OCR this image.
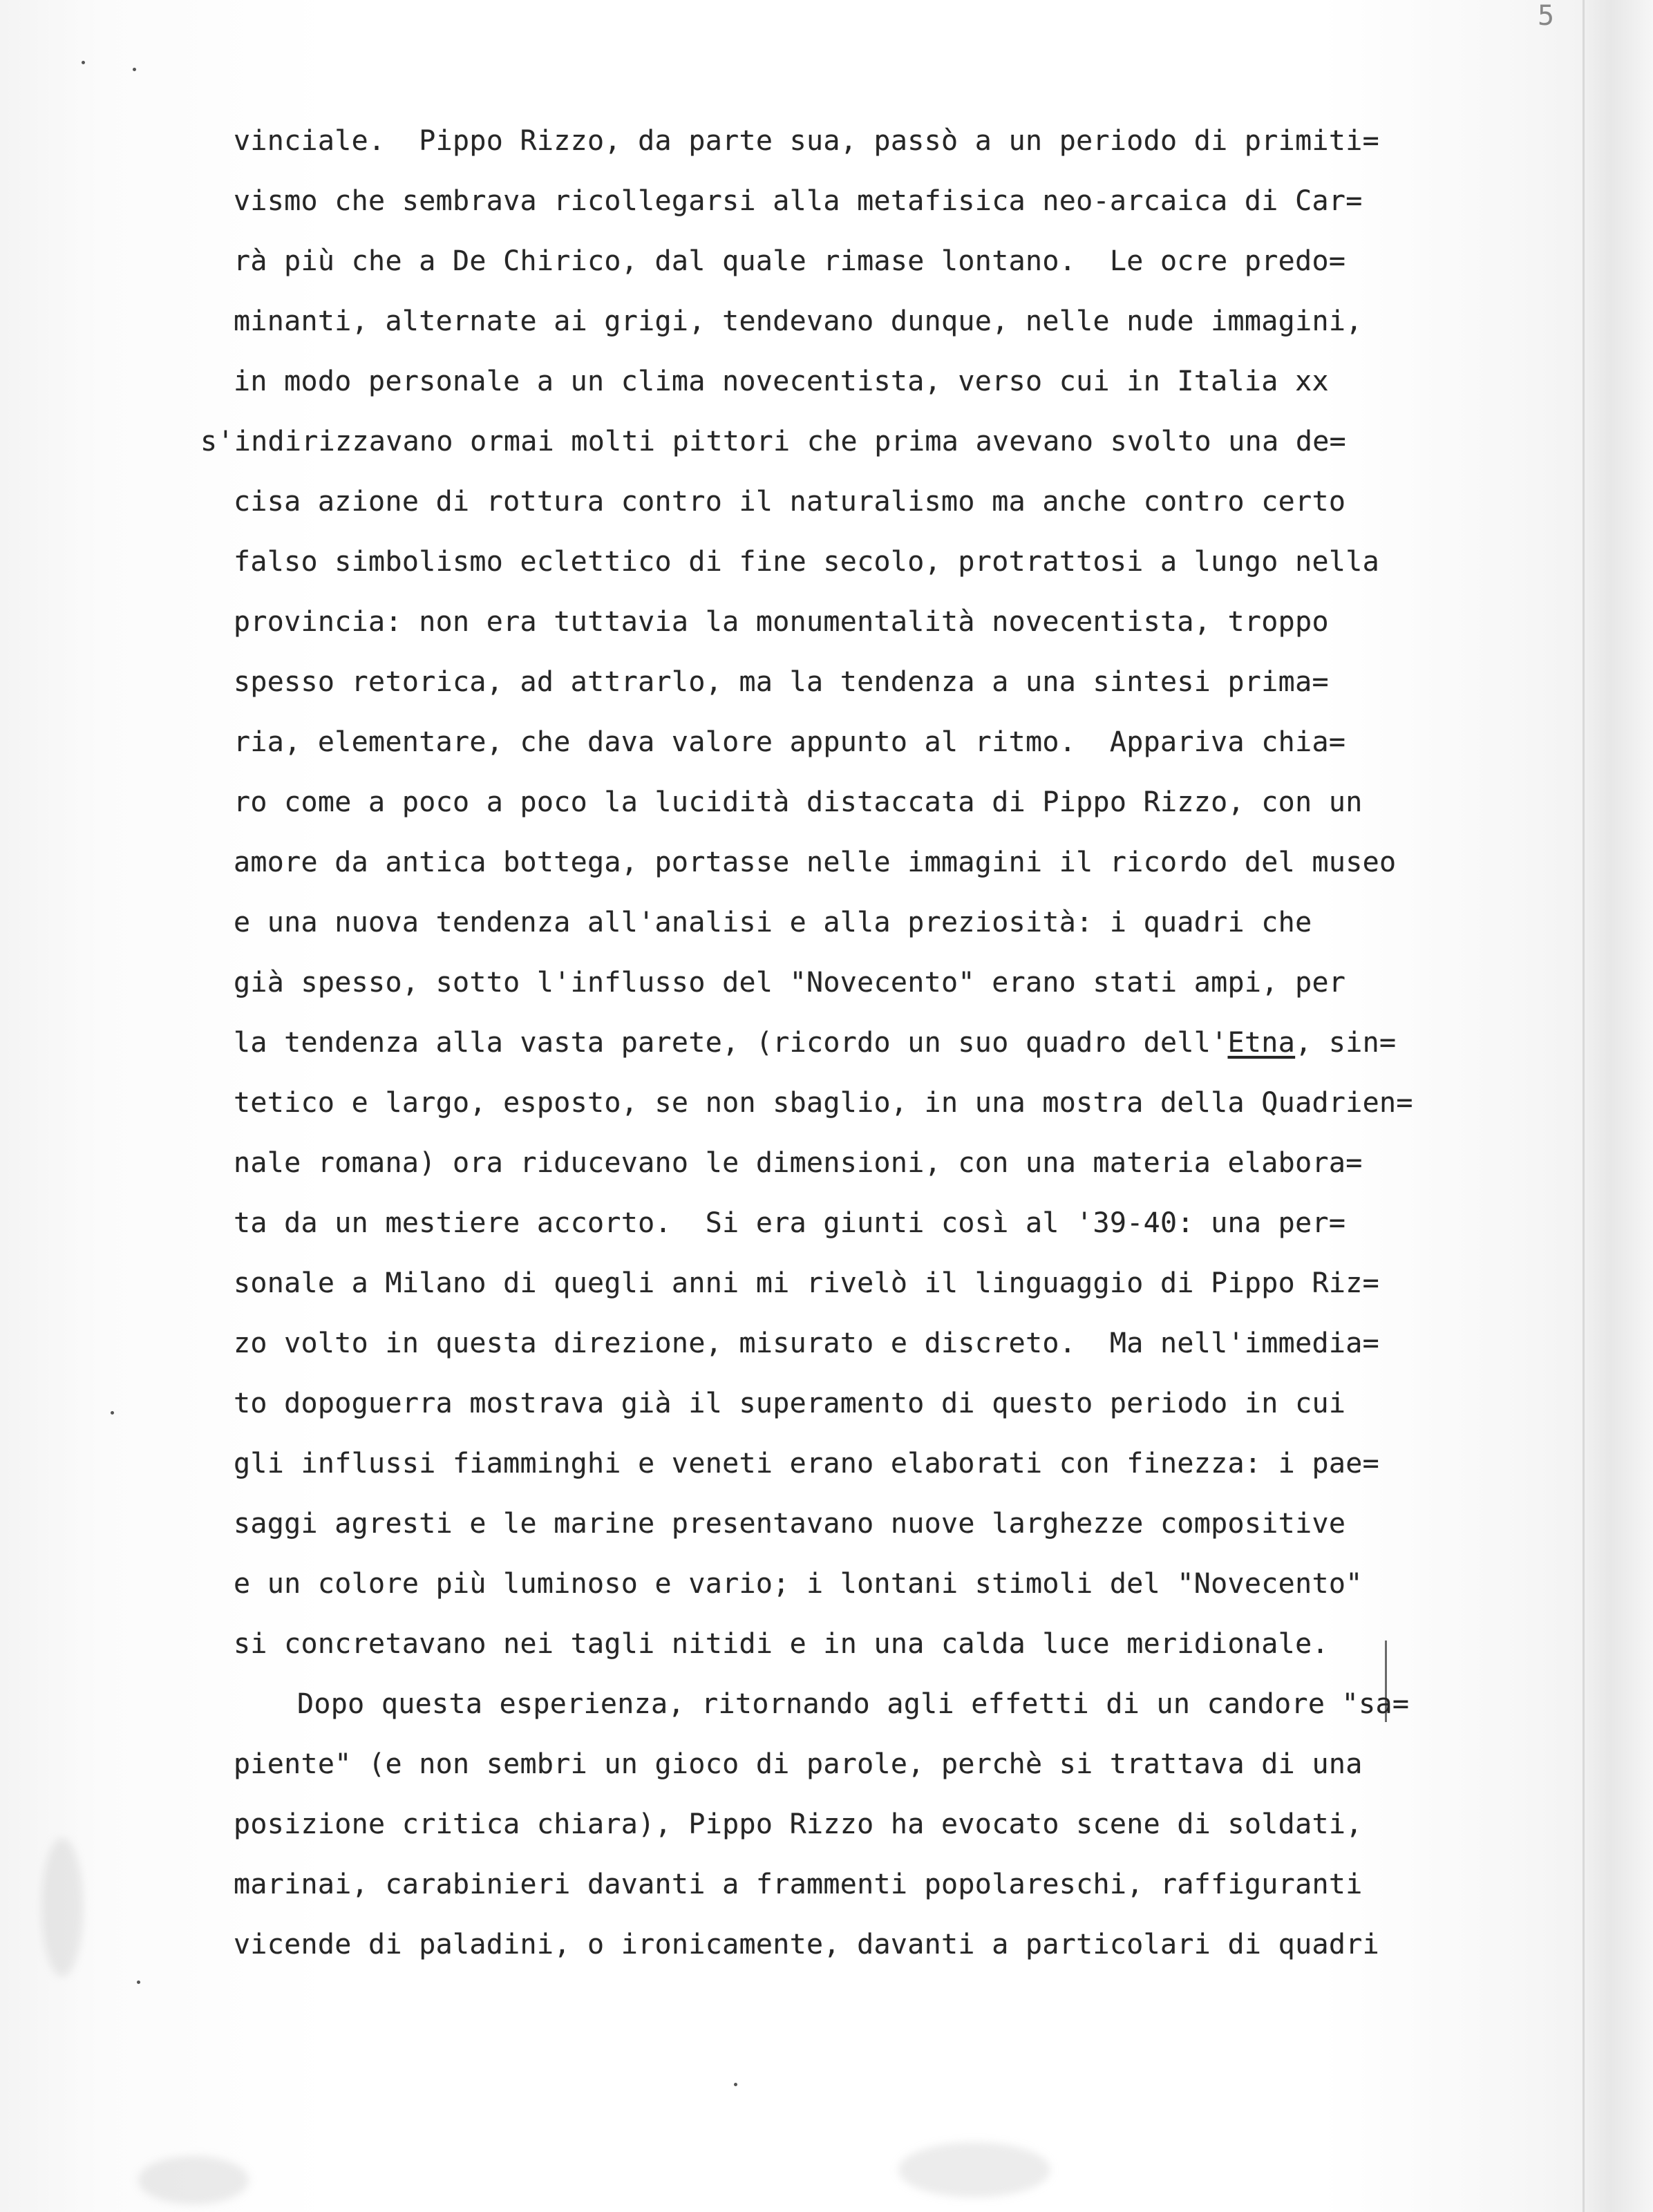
5
vinciale.  Pippo Rizzo, da parte sua, passò a un periodo di primiti=
vismo che sembrava ricollegarsi alla metafisica neo-arcaica di Car=
rà più che a De Chirico, dal quale rimase lontano.  Le ocre predo=
minanti, alternate ai grigi, tendevano dunque, nelle nude immagini,
in modo personale a un clima novecentista, verso cui in Italia xx
s'indirizzavano ormai molti pittori che prima avevano svolto una de=
cisa azione di rottura contro il naturalismo ma anche contro certo
falso simbolismo eclettico di fine secolo, protrattosi a lungo nella
provincia: non era tuttavia la monumentalità novecentista, troppo
spesso retorica, ad attrarlo, ma la tendenza a una sintesi prima=
ria, elementare, che dava valore appunto al ritmo.  Appariva chia=
ro come a poco a poco la lucidità distaccata di Pippo Rizzo, con un
amore da antica bottega, portasse nelle immagini il ricordo del museo
e una nuova tendenza all'analisi e alla preziosità: i quadri che
già spesso, sotto l'influsso del "Novecento" erano stati ampi, per
la tendenza alla vasta parete, (ricordo un suo quadro dell'Etna, sin=
tetico e largo, esposto, se non sbaglio, in una mostra della Quadrien=
nale romana) ora riducevano le dimensioni, con una materia elabora=
ta da un mestiere accorto.  Si era giunti così al '39-40: una per=
sonale a Milano di quegli anni mi rivelò il linguaggio di Pippo Riz=
zo volto in questa direzione, misurato e discreto.  Ma nell'immedia=
to dopoguerra mostrava già il superamento di questo periodo in cui
gli influssi fiamminghi e veneti erano elaborati con finezza: i pae=
saggi agresti e le marine presentavano nuove larghezze compositive
e un colore più luminoso e vario; i lontani stimoli del "Novecento"
si concretavano nei tagli nitidi e in una calda luce meridionale.
Dopo questa esperienza, ritornando agli effetti di un candore "sa=
piente" (e non sembri un gioco di parole, perchè si trattava di una
posizione critica chiara), Pippo Rizzo ha evocato scene di soldati,
marinai, carabinieri davanti a frammenti popolareschi, raffiguranti
vicende di paladini, o ironicamente, davanti a particolari di quadri
